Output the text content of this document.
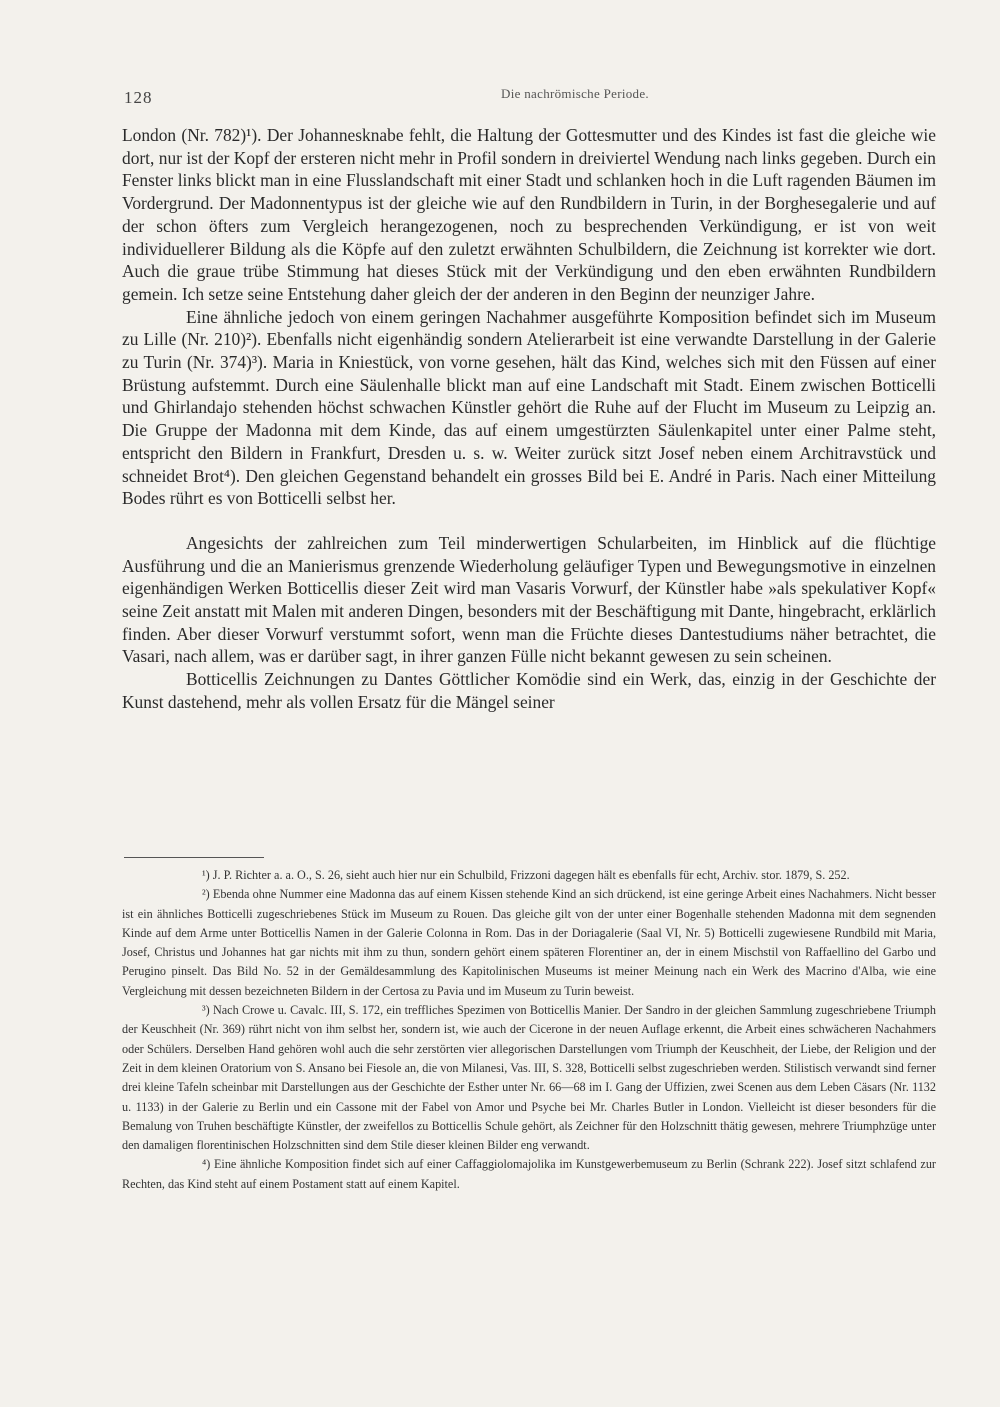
128	Die nachrömische Periode.

London (Nr. 782)¹). Der Johannesknabe fehlt, die Haltung der Gottesmutter und des Kindes ist fast die gleiche wie dort, nur ist der Kopf der ersteren nicht mehr in Profil sondern in dreiviertel Wendung nach links gegeben. Durch ein Fenster links blickt man in eine Flusslandschaft mit einer Stadt und schlanken hoch in die Luft ragenden Bäumen im Vordergrund. Der Madonnentypus ist der gleiche wie auf den Rundbildern in Turin, in der Borghesegalerie und auf der schon öfters zum Vergleich herangezogenen, noch zu besprechenden Verkündigung, er ist von weit individuellerer Bildung als die Köpfe auf den zuletzt erwähnten Schulbildern, die Zeichnung ist korrekter wie dort. Auch die graue trübe Stimmung hat dieses Stück mit der Verkündigung und den eben erwähnten Rundbildern gemein. Ich setze seine Entstehung daher gleich der der anderen in den Beginn der neunziger Jahre.

Eine ähnliche jedoch von einem geringen Nachahmer ausgeführte Komposition befindet sich im Museum zu Lille (Nr. 210)²). Ebenfalls nicht eigenhändig sondern Atelierarbeit ist eine verwandte Darstellung in der Galerie zu Turin (Nr. 374)³). Maria in Kniestück, von vorne gesehen, hält das Kind, welches sich mit den Füssen auf einer Brüstung aufstemmt. Durch eine Säulenhalle blickt man auf eine Landschaft mit Stadt. Einem zwischen Botticelli und Ghirlandajo stehenden höchst schwachen Künstler gehört die Ruhe auf der Flucht im Museum zu Leipzig an. Die Gruppe der Madonna mit dem Kinde, das auf einem umgestürzten Säulenkapitel unter einer Palme steht, entspricht den Bildern in Frankfurt, Dresden u. s. w. Weiter zurück sitzt Josef neben einem Architravstück und schneidet Brot⁴). Den gleichen Gegenstand behandelt ein grosses Bild bei E. André in Paris. Nach einer Mitteilung Bodes rührt es von Botticelli selbst her.

Angesichts der zahlreichen zum Teil minderwertigen Schularbeiten, im Hinblick auf die flüchtige Ausführung und die an Manierismus grenzende Wiederholung geläufiger Typen und Bewegungsmotive in einzelnen eigenhändigen Werken Botticellis dieser Zeit wird man Vasaris Vorwurf, der Künstler habe »als spekulativer Kopf« seine Zeit anstatt mit Malen mit anderen Dingen, besonders mit der Beschäftigung mit Dante, hingebracht, erklärlich finden. Aber dieser Vorwurf verstummt sofort, wenn man die Früchte dieses Dantestudiums näher betrachtet, die Vasari, nach allem, was er darüber sagt, in ihrer ganzen Fülle nicht bekannt gewesen zu sein scheinen.

Botticellis Zeichnungen zu Dantes Göttlicher Komödie sind ein Werk, das, einzig in der Geschichte der Kunst dastehend, mehr als vollen Ersatz für die Mängel seiner

¹) J. P. Richter a. a. O., S. 26, sieht auch hier nur ein Schulbild, Frizzoni dagegen hält es ebenfalls für echt, Archiv. stor. 1879, S. 252.

²) Ebenda ohne Nummer eine Madonna das auf einem Kissen stehende Kind an sich drückend, ist eine geringe Arbeit eines Nachahmers. Nicht besser ist ein ähnliches Botticelli zugeschriebenes Stück im Museum zu Rouen. Das gleiche gilt von der unter einer Bogenhalle stehenden Madonna mit dem segnenden Kinde auf dem Arme unter Botticellis Namen in der Galerie Colonna in Rom. Das in der Doriagalerie (Saal VI, Nr. 5) Botticelli zugewiesene Rundbild mit Maria, Josef, Christus und Johannes hat gar nichts mit ihm zu thun, sondern gehört einem späteren Florentiner an, der in einem Mischstil von Raffaellino del Garbo und Perugino pinselt. Das Bild No. 52 in der Gemäldesammlung des Kapitolinischen Museums ist meiner Meinung nach ein Werk des Macrino d'Alba, wie eine Vergleichung mit dessen bezeichneten Bildern in der Certosa zu Pavia und im Museum zu Turin beweist.

³) Nach Crowe u. Cavalc. III, S. 172, ein treffliches Spezimen von Botticellis Manier. Der Sandro in der gleichen Sammlung zugeschriebene Triumph der Keuschheit (Nr. 369) rührt nicht von ihm selbst her, sondern ist, wie auch der Cicerone in der neuen Auflage erkennt, die Arbeit eines schwächeren Nachahmers oder Schülers. Derselben Hand gehören wohl auch die sehr zerstörten vier allegorischen Darstellungen vom Triumph der Keuschheit, der Liebe, der Religion und der Zeit in dem kleinen Oratorium von S. Ansano bei Fiesole an, die von Milanesi, Vas. III, S. 328, Botticelli selbst zugeschrieben werden. Stilistisch verwandt sind ferner drei kleine Tafeln scheinbar mit Darstellungen aus der Geschichte der Esther unter Nr. 66—68 im I. Gang der Uffizien, zwei Scenen aus dem Leben Cäsars (Nr. 1132 u. 1133) in der Galerie zu Berlin und ein Cassone mit der Fabel von Amor und Psyche bei Mr. Charles Butler in London. Vielleicht ist dieser besonders für die Bemalung von Truhen beschäftigte Künstler, der zweifellos zu Botticellis Schule gehört, als Zeichner für den Holzschnitt thätig gewesen, mehrere Triumphzüge unter den damaligen florentinischen Holzschnitten sind dem Stile dieser kleinen Bilder eng verwandt.

⁴) Eine ähnliche Komposition findet sich auf einer Caffaggiolomajolika im Kunstgewerbemuseum zu Berlin (Schrank 222). Josef sitzt schlafend zur Rechten, das Kind steht auf einem Postament statt auf einem Kapitel.
